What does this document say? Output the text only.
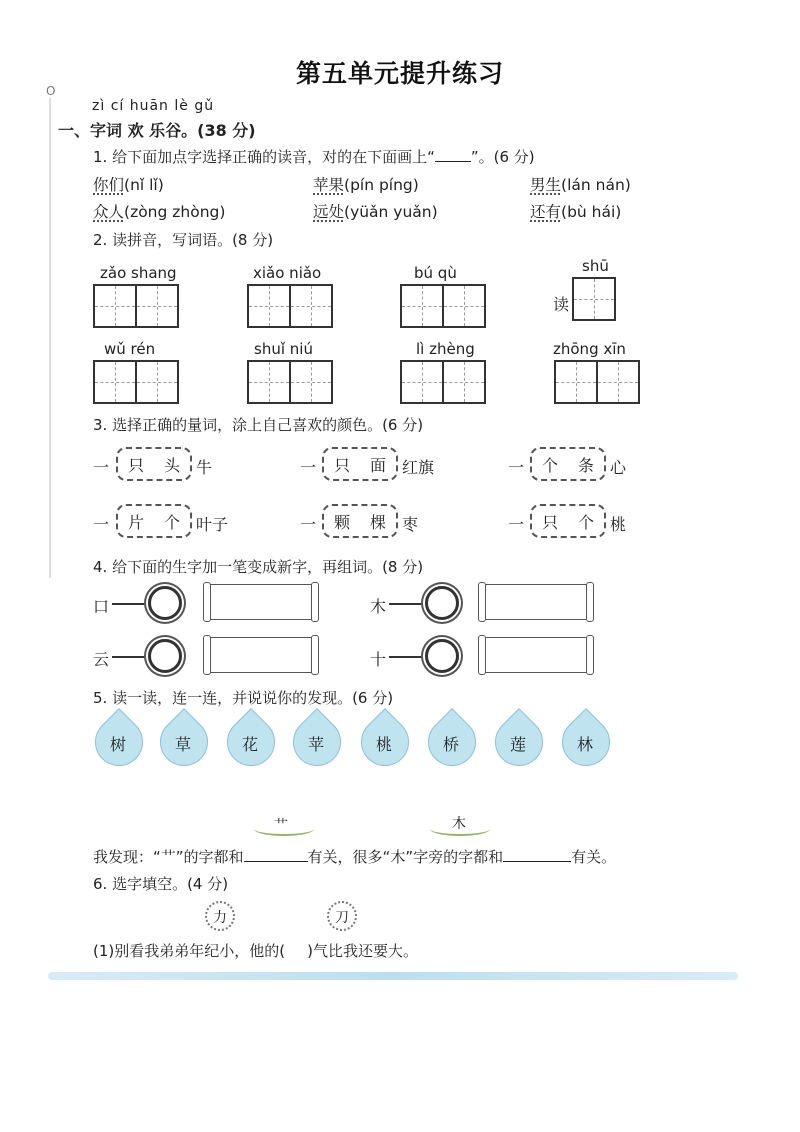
第五单元提升练习
O
zì cí huān lè gǔ
一、字词 欢 乐谷。(38 分)
1. 给下面加点字选择正确的读音，对的在下面画上“ ”。(6 分)
你们(nǐ lǐ)	苹果(pín píng)	男生(lán nán)
众人(zòng zhòng)	远处(yüǎn yuǎn)	还有(bù hái)
2. 读拼音，写词语。(8 分)
zǎo shang	xiǎo niǎo	bú qù	shū
读
wǔ rén	shuǐ niú	lì zhèng	zhōng xīn
3. 选择正确的量词，涂上自己喜欢的颜色。(6 分)
一 只 头 牛	一 只 面 红旗	一 个 条 心
一 片 个 叶子	一 颗 棵 枣	一 只 个 桃
4. 给下面的生字加一笔变成新字，再组词。(8 分)
口	木
云	十
5. 读一读，连一连，并说说你的发现。(6 分)
树	草	花	苹	桃	桥	莲	林
艹	木
我发现：“艹”的字都和	有关，很多“木”字旁的字都和	有关。
6. 选字填空。(4 分)
力	刀
(1)别看我弟弟年纪小，他的( )气比我还要大。
